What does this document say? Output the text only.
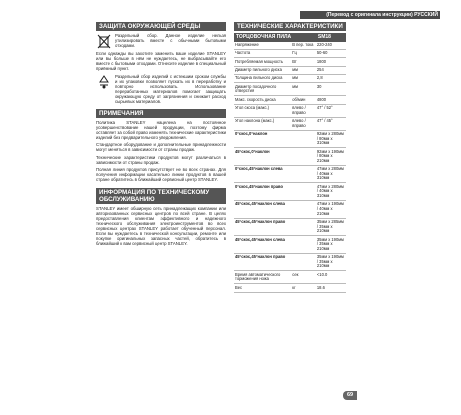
(Перевод с оригинала инструкции) РУССКИЙ
ЗАЩИТА ОКРУЖАЮЩЕЙ СРЕДЫ

Раздельный сбор. Данное изделие нельзя утилизировать вместе с обычными бытовыми отходами.

Если однажды вы захотите заменить ваше изделие STANLEY или вы больше в нём не нуждаетесь, не выбрасывайте его вместе с бытовыми отходами. Отнесите изделие в специальный приёмный пункт.

Раздельный сбор изделий с истекшим сроком службы и их упаковки позволяет пускать их в переработку и повторно использовать. Использование переработанных материалов помогает защищать окружающую среду от загрязнения и снижает расход сырьевых материалов.

ПРИМЕЧАНИЯ

Политика STANLEY нацелена на постоянное усовершенствование нашей продукции, поэтому фирма оставляет за собой право изменять технические характеристики изделий без предварительного уведомления.

Стандартное оборудование и дополнительные принадлежности могут меняться в зависимости от страны продаж.

Технические характеристики продуктов могут различаться в зависимости от страны продаж.

Полная линия продуктов присутствует не во всех странах. Для получения информации касательно линии продуктов в вашей стране обратитесь в ближайший сервисный центр STANLEY.

ИНФОРМАЦИЯ ПО ТЕХНИЧЕСКОМУ ОБСЛУЖИВАНИЮ

STANLEY имеет обширную сеть принадлежащих компании или авторизованных сервисных центров по всей стране. В целях предоставления клиентам эффективного и надежного технического обслуживания электроинструментов во всех сервисных центрах STANLEY работает обученный персонал. Если вы нуждаетесь в технической консультации, ремонте или покупке оригинальных запасных частей, обратитесь в ближайший к вам сервисный центр STANLEY.

ТЕХНИЧЕСКИЕ ХАРАКТЕРИСТИКИ
ТОРЦОВОЧНАЯ ПИЛА		SM18
Напряжение	В пер. тока	220-240
Частота	Гц	50-60
Потребляемая мощность	Вт	1800
Диаметр пильного диска	мм	254
Толщина пильного диска	мм	2,8
Диаметр посадочного отверстия	мм	30
Макс. скорость диска	об/мин	4800
Угол скоса (макс.)	влево / вправо	47° / 52°
Угол наклона (макс.)	влево / вправо	47° / 45°
0°скос,0°наклон		92мм x 280мм / 80мм x 310мм
45°скос,0°наклон		92мм x 190мм / 80мм x 210мм
0°скос,45°наклон слева		47мм x 280мм / 40мм x 310мм
0°скос,45°наклон право		47мм x 280мм / 40мм x 310мм
45°скос,45°наклон слева		47мм x 190мм / 40мм x 210мм
45°скос,45°наклон право		35мм x 285мм / 35мм x 210мм
45°скос,45°наклон слева		35мм x 190мм / 35мм x 210мм
45°скос,45°наклон право		35мм x 190мм / 35мм x 210мм
Время автоматического торможения ножа	сек	<10.0
Вес	кг	18.6
69
